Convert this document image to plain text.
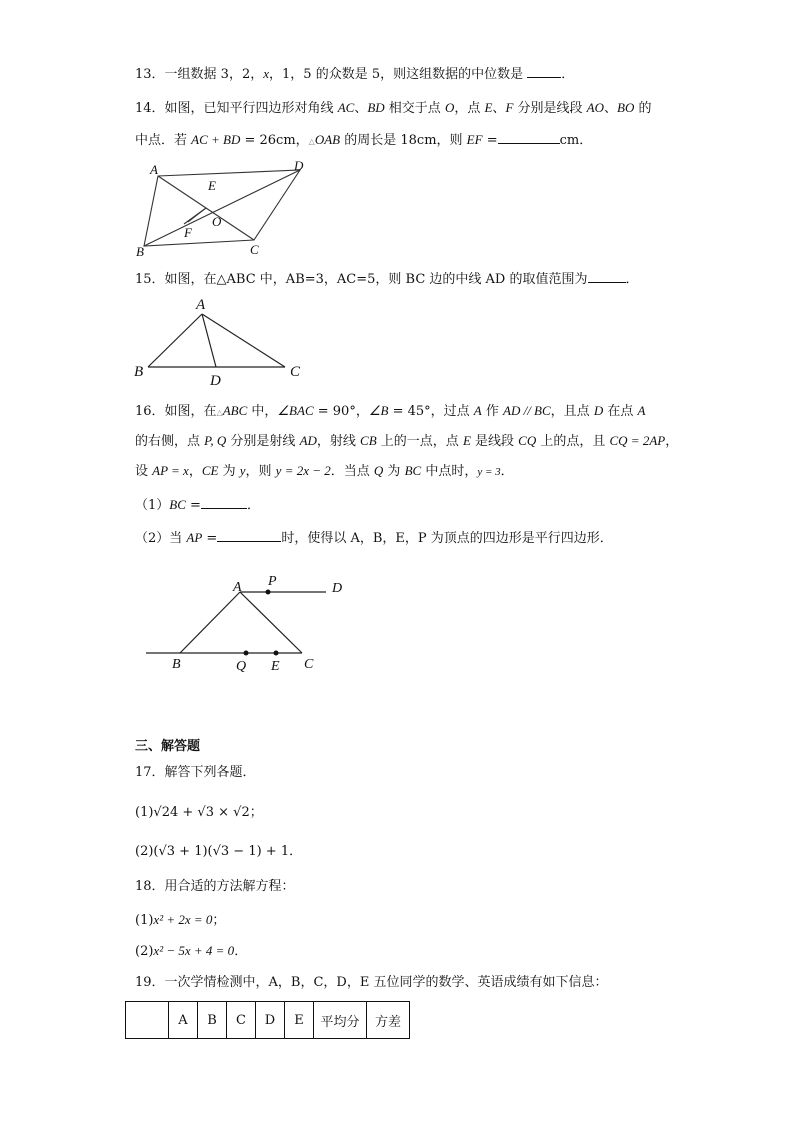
13．一组数据 3，2，x，1，5 的众数是 5，则这组数据的中位数是	．
14．如图，已知平行四边形对角线 AC、BD 相交于点 O，点 E、F 分别是线段 AO、BO 的
中点．若 AC + BD = 26cm，△OAB 的周长是 18cm，则 EF =	cm．
A	D
B	C
E
F
O
15．如图，在△ABC 中，AB=3，AC=5，则 BC 边的中线 AD 的取值范围为	．
A
B	C
D
16．如图，在△ABC 中，∠BAC = 90°，∠B = 45°，过点 A 作 AD // BC，且点 D 在点 A
的右侧，点 P, Q 分别是射线 AD，射线 CB 上的一点，点 E 是线段 CQ 上的点，且 CQ = 2AP，
设 AP = x，CE 为 y，则 y = 2x − 2．当点 Q 为 BC 中点时，y = 3．
（1）BC =	．
（2）当 AP =	时，使得以 A，B，E，P 为顶点的四边形是平行四边形．
A P	D
B	Q E C
三、解答题
17．解答下列各题．
(1)√24 + √3 × √2；
(2)(√3 + 1)(√3 − 1) + 1．
18．用合适的方法解方程：
(1)x² + 2x = 0；
(2)x² − 5x + 4 = 0．
19．一次学情检测中，A，B，C，D，E 五位同学的数学、英语成绩有如下信息：
	A	B	C	D	E	平均分	方差
